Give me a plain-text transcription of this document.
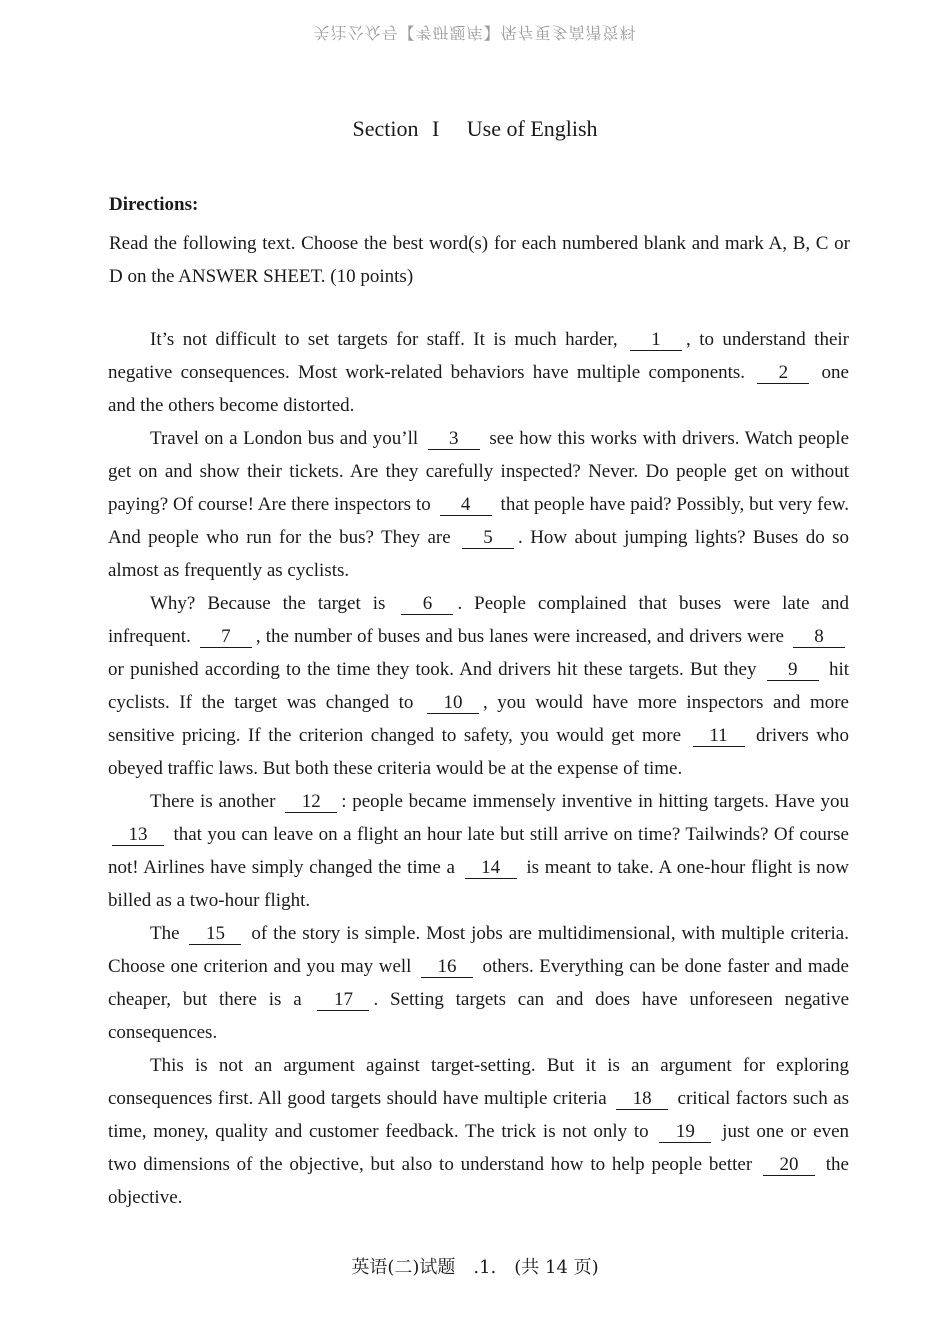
关注公众号【考研题库】保存更多高清资料
Section I Use of English
Directions:
Read the following text. Choose the best word(s) for each numbered blank and mark A, B, C or D on the ANSWER SHEET. (10 points)

It’s not difficult to set targets for staff. It is much harder, 1 , to understand their negative consequences. Most work-related behaviors have multiple components. 2 one and the others become distorted.

Travel on a London bus and you’ll 3 see how this works with drivers. Watch people get on and show their tickets. Are they carefully inspected? Never. Do people get on without paying? Of course! Are there inspectors to 4 that people have paid? Possibly, but very few. And people who run for the bus? They are 5 . How about jumping lights? Buses do so almost as frequently as cyclists.

Why? Because the target is 6 . People complained that buses were late and infrequent. 7 , the number of buses and bus lanes were increased, and drivers were 8 or punished according to the time they took. And drivers hit these targets. But they 9 hit cyclists. If the target was changed to 10 , you would have more inspectors and more sensitive pricing. If the criterion changed to safety, you would get more 11 drivers who obeyed traffic laws. But both these criteria would be at the expense of time.

There is another 12 : people became immensely inventive in hitting targets. Have you 13 that you can leave on a flight an hour late but still arrive on time? Tailwinds? Of course not! Airlines have simply changed the time a 14 is meant to take. A one-hour flight is now billed as a two-hour flight.

The 15 of the story is simple. Most jobs are multidimensional, with multiple criteria. Choose one criterion and you may well 16 others. Everything can be done faster and made cheaper, but there is a 17 . Setting targets can and does have unforeseen negative consequences.

This is not an argument against target-setting. But it is an argument for exploring consequences first. All good targets should have multiple criteria 18 critical factors such as time, money, quality and customer feedback. The trick is not only to 19 just one or even two dimensions of the objective, but also to understand how to help people better 20 the objective.

英语(二)试题　.1.　(共 14 页)
